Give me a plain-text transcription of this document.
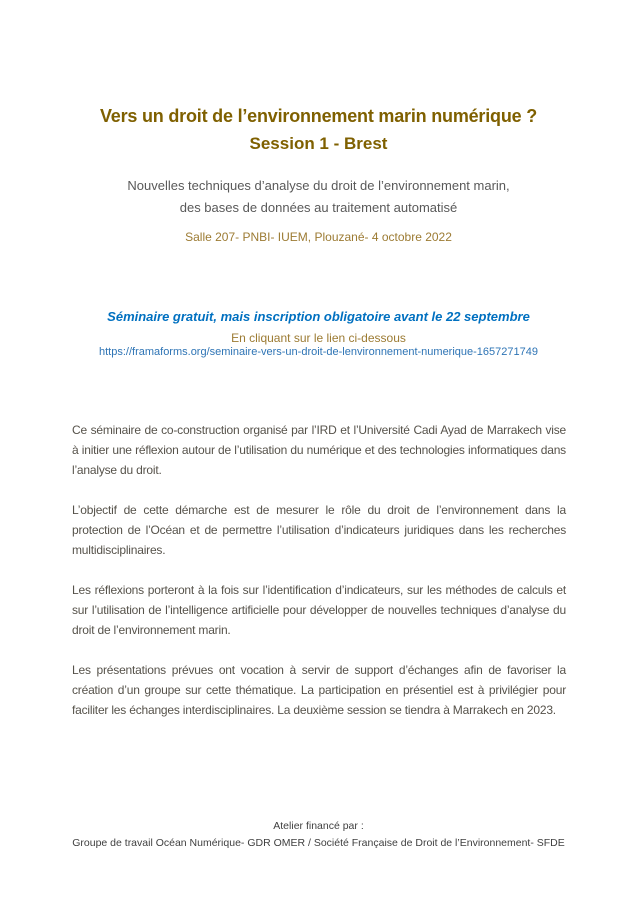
Vers un droit de l’environnement marin numérique ?
Session 1 - Brest
Nouvelles techniques d’analyse du droit de l’environnement marin,
des bases de données au traitement automatisé
Salle 207- PNBI- IUEM, Plouzané- 4 octobre 2022
Séminaire gratuit, mais inscription obligatoire avant le 22 septembre
En cliquant sur le lien ci-dessous
https://framaforms.org/seminaire-vers-un-droit-de-lenvironnement-numerique-1657271749

Ce séminaire de co-construction organisé par l’IRD et l’Université Cadi Ayad de Marrakech vise à initier une réflexion autour de l’utilisation du numérique et des technologies informatiques dans l’analyse du droit.

L’objectif de cette démarche est de mesurer le rôle du droit de l’environnement dans la protection de l’Océan et de permettre l’utilisation d’indicateurs juridiques dans les recherches multidisciplinaires.

Les réflexions porteront à la fois sur l’identification d’indicateurs, sur les méthodes de calculs et sur l’utilisation de l’intelligence artificielle pour développer de nouvelles techniques d’analyse du droit de l’environnement marin.

Les présentations prévues ont vocation à servir de support d’échanges afin de favoriser la création d’un groupe sur cette thématique. La participation en présentiel est à privilégier pour faciliter les échanges interdisciplinaires. La deuxième session se tiendra à Marrakech en 2023.

Atelier financé par :
Groupe de travail Océan Numérique- GDR OMER / Société Française de Droit de l’Environnement- SFDE
